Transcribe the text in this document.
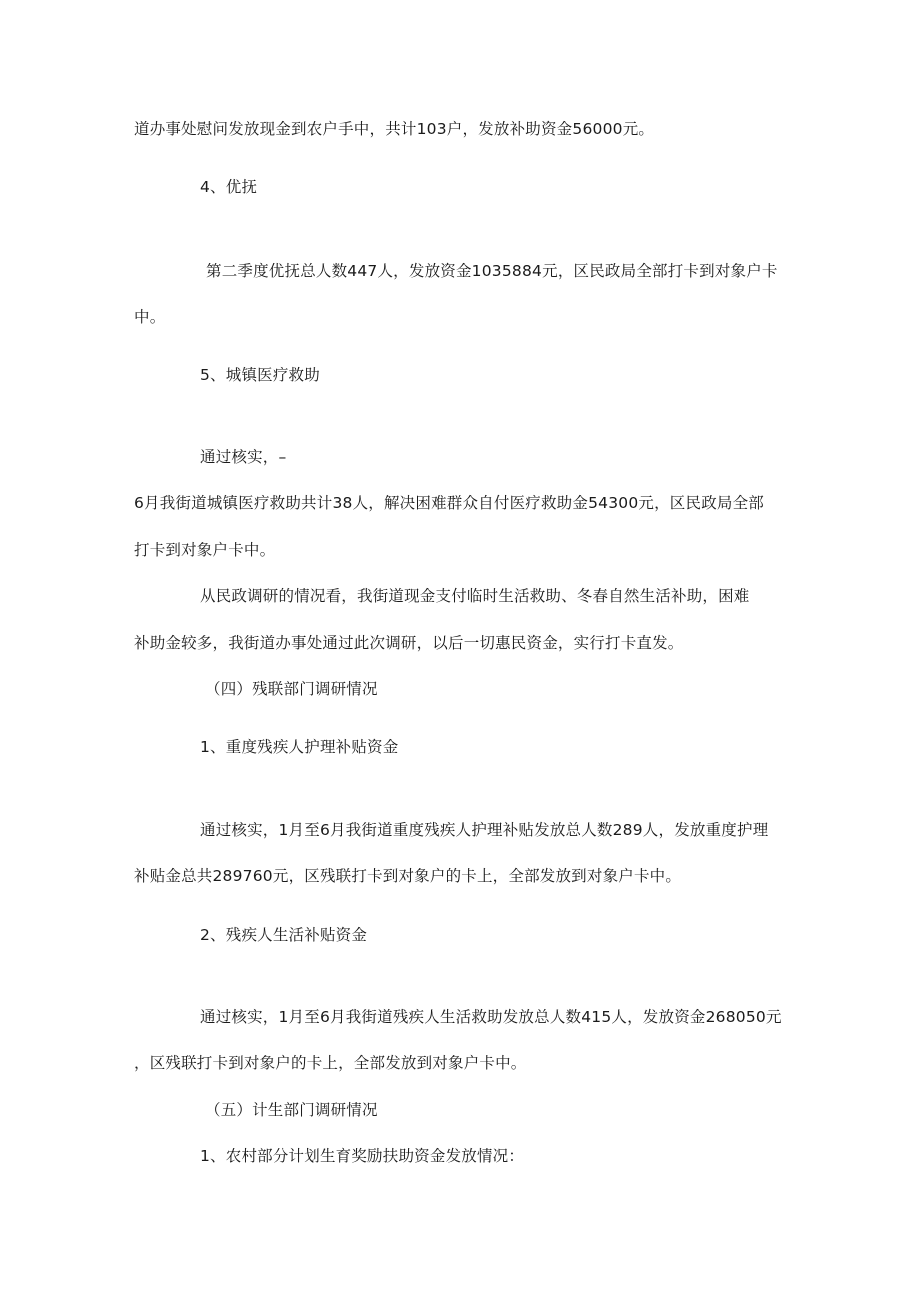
道办事处慰问发放现金到农户手中，共计103户，发放补助资金56000元。
4、优抚
第二季度优抚总人数447人，发放资金1035884元，区民政局全部打卡到对象户卡
中。
5、城镇医疗救助
通过核实，–
6月我街道城镇医疗救助共计38人，解决困难群众自付医疗救助金54300元，区民政局全部
打卡到对象户卡中。
从民政调研的情况看，我街道现金支付临时生活救助、冬春自然生活补助，困难
补助金较多，我街道办事处通过此次调研，以后一切惠民资金，实行打卡直发。
（四）残联部门调研情况
1、重度残疾人护理补贴资金
通过核实，1月至6月我街道重度残疾人护理补贴发放总人数289人，发放重度护理
补贴金总共289760元，区残联打卡到对象户的卡上，全部发放到对象户卡中。
2、残疾人生活补贴资金
通过核实，1月至6月我街道残疾人生活救助发放总人数415人，发放资金268050元
，区残联打卡到对象户的卡上，全部发放到对象户卡中。
（五）计生部门调研情况
1、农村部分计划生育奖励扶助资金发放情况：
